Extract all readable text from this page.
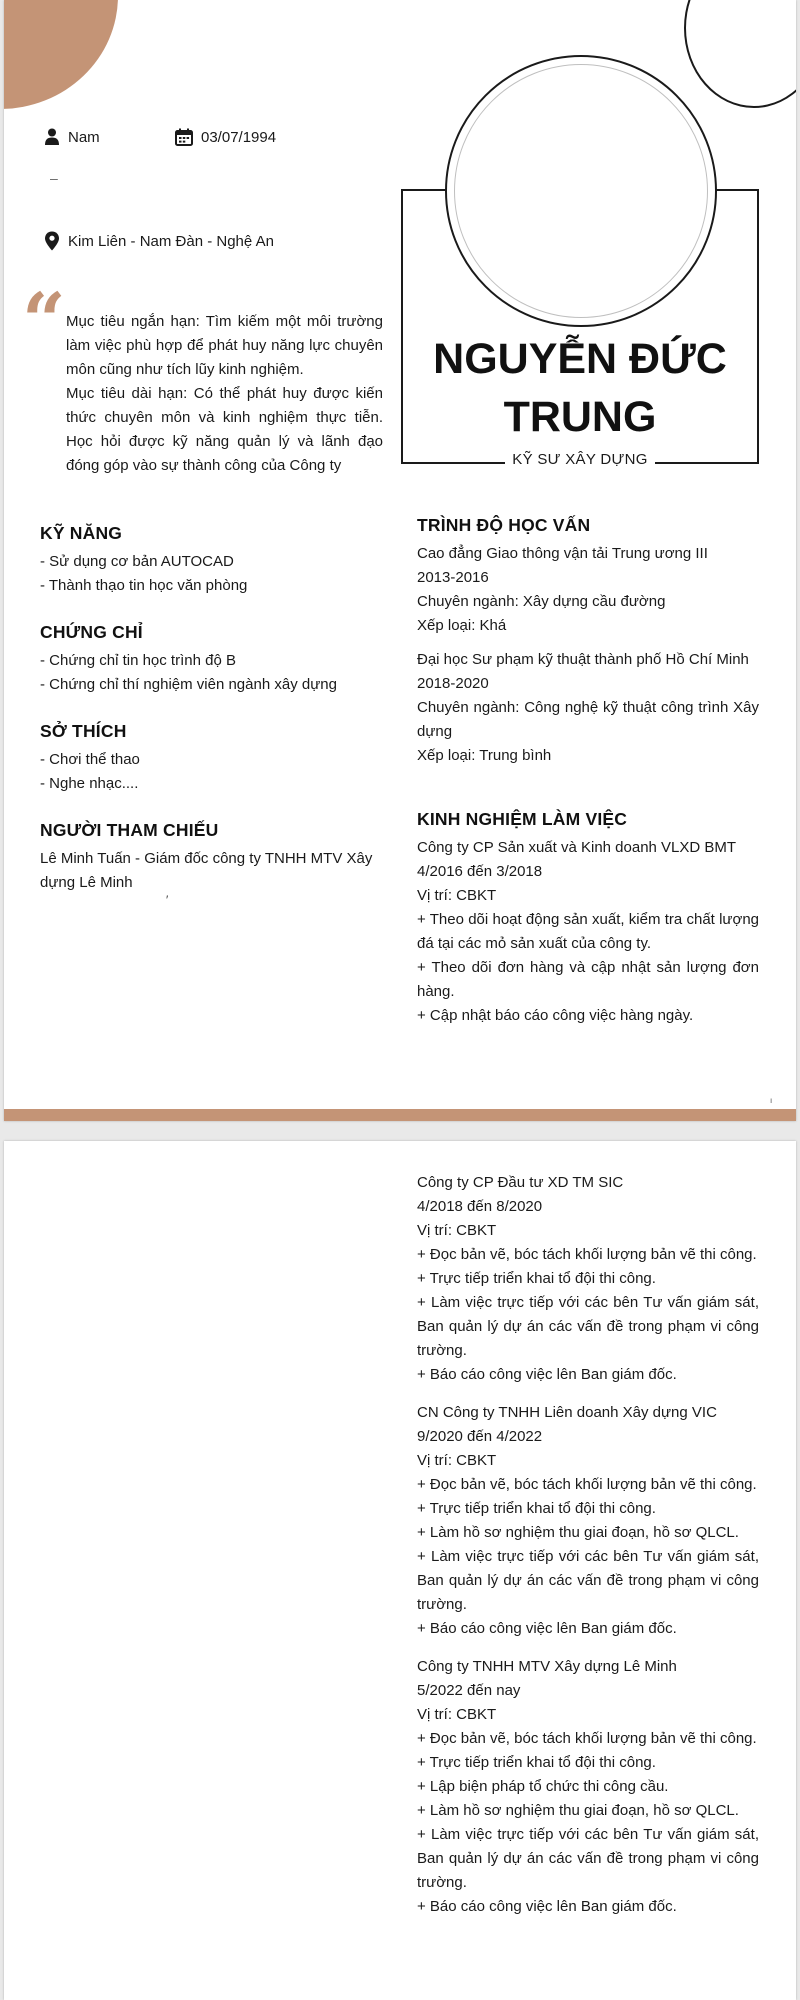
Nam	03/07/1994
–
Kim Liên - Nam Đàn - Nghệ An
“ Mục tiêu ngắn hạn: Tìm kiếm một môi trường làm việc phù hợp để phát huy năng lực chuyên môn cũng như tích lũy kinh nghiệm.

Mục tiêu dài hạn: Có thể phát huy được kiến thức chuyên môn và kinh nghiệm thực tiễn. Học hỏi được kỹ năng quản lý và lãnh đạo đóng góp vào sự thành công của Công ty

KỸ NĂNG
- Sử dụng cơ bản AUTOCAD
- Thành thạo tin học văn phòng
CHỨNG CHỈ
- Chứng chỉ tin học trình độ B
- Chứng chỉ thí nghiệm viên ngành xây dựng
SỞ THÍCH
- Chơi thể thao
- Nghe nhạc....
NGƯỜI THAM CHIẾU
Lê Minh Tuấn - Giám đốc công ty TNHH MTV Xây dựng Lê Minh
′
NGUYỄN ĐỨC TRUNG
KỸ SƯ XÂY DỰNG
TRÌNH ĐỘ HỌC VẤN
Cao đẳng Giao thông vận tải Trung ương III
2013-2016
Chuyên ngành: Xây dựng cầu đường
Xếp loại: Khá
Đại học Sư phạm kỹ thuật thành phố Hồ Chí Minh
2018-2020
Chuyên ngành: Công nghệ kỹ thuật công trình Xây dựng
Xếp loại: Trung bình
KINH NGHIỆM LÀM VIỆC
Công ty CP Sản xuất và Kinh doanh VLXD BMT
4/2016 đến 3/2018
Vị trí: CBKT
+ Theo dõi hoạt động sản xuất, kiểm tra chất lượng đá tại các mỏ sản xuất của công ty.
+ Theo dõi đơn hàng và cập nhật sản lượng đơn hàng.
+ Cập nhật báo cáo công việc hàng ngày.
ı
Công ty CP Đầu tư XD TM SIC
4/2018 đến 8/2020
Vị trí: CBKT
+ Đọc bản vẽ, bóc tách khối lượng bản vẽ thi công.
+ Trực tiếp triển khai tổ đội thi công.
+ Làm việc trực tiếp với các bên Tư vấn giám sát, Ban quản lý dự án các vấn đề trong phạm vi công trường.
+ Báo cáo công việc lên Ban giám đốc.
CN Công ty TNHH Liên doanh Xây dựng VIC
9/2020 đến 4/2022
Vị trí: CBKT
+ Đọc bản vẽ, bóc tách khối lượng bản vẽ thi công.
+ Trực tiếp triển khai tổ đội thi công.
+ Làm hồ sơ nghiệm thu giai đoạn, hồ sơ QLCL.
+ Làm việc trực tiếp với các bên Tư vấn giám sát, Ban quản lý dự án các vấn đề trong phạm vi công trường.
+ Báo cáo công việc lên Ban giám đốc.
Công ty TNHH MTV Xây dựng Lê Minh
5/2022 đến nay
Vị trí: CBKT
+ Đọc bản vẽ, bóc tách khối lượng bản vẽ thi công.
+ Trực tiếp triển khai tổ đội thi công.
+ Lập biện pháp tổ chức thi công cầu.
+ Làm hồ sơ nghiệm thu giai đoạn, hồ sơ QLCL.
+ Làm việc trực tiếp với các bên Tư vấn giám sát, Ban quản lý dự án các vấn đề trong phạm vi công trường.
+ Báo cáo công việc lên Ban giám đốc.
